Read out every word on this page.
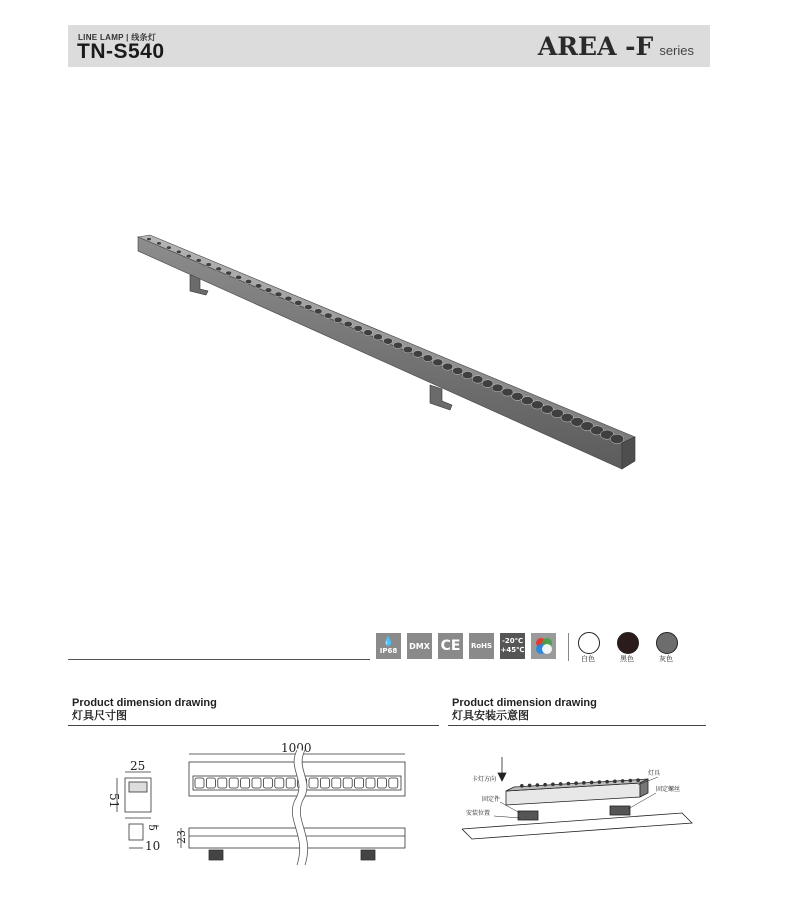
LINE LAMP | 线条灯
TN-S540	AREA -F series
💧
IP68
DMX CE RoHS
-20℃
+45℃
白色	黑色	灰色
Product dimension drawing
灯具尺寸图
Product dimension drawing
灯具安装示意图
25
51
5
10
1000
23
卡灯方向
灯具
固定件
固定螺丝
安装位置
